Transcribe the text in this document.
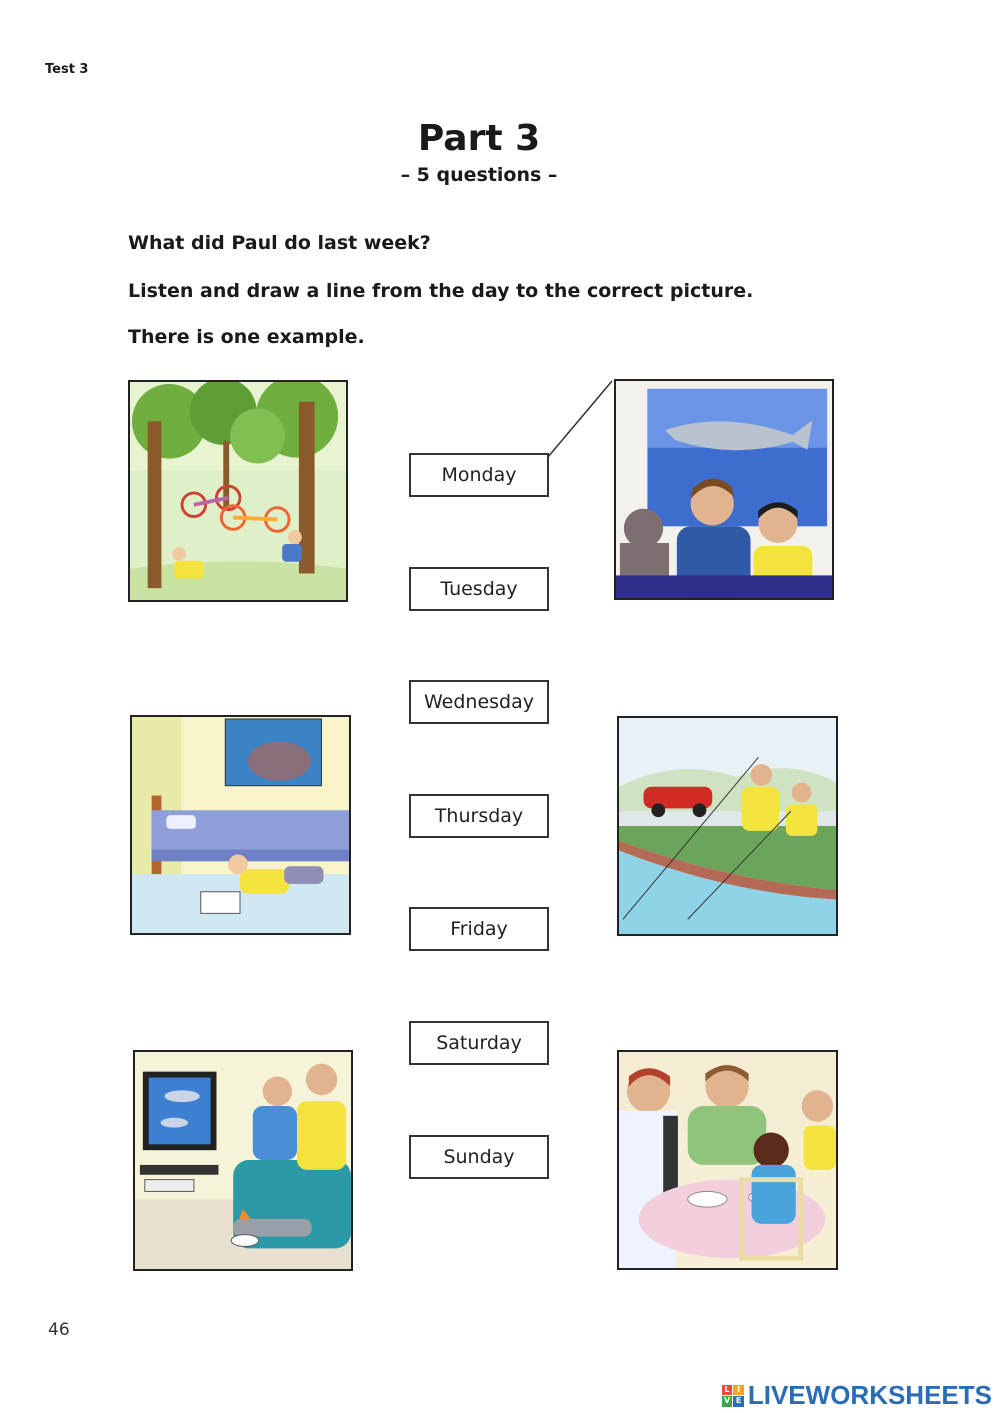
Test 3
Part 3
– 5 questions –
What did Paul do last week?
Listen and draw a line from the day to the correct picture.
There is one example.
Monday
Tuesday
Wednesday
Thursday
Friday
Saturday
Sunday
46
L I
V E LIVEWORKSHEETS
